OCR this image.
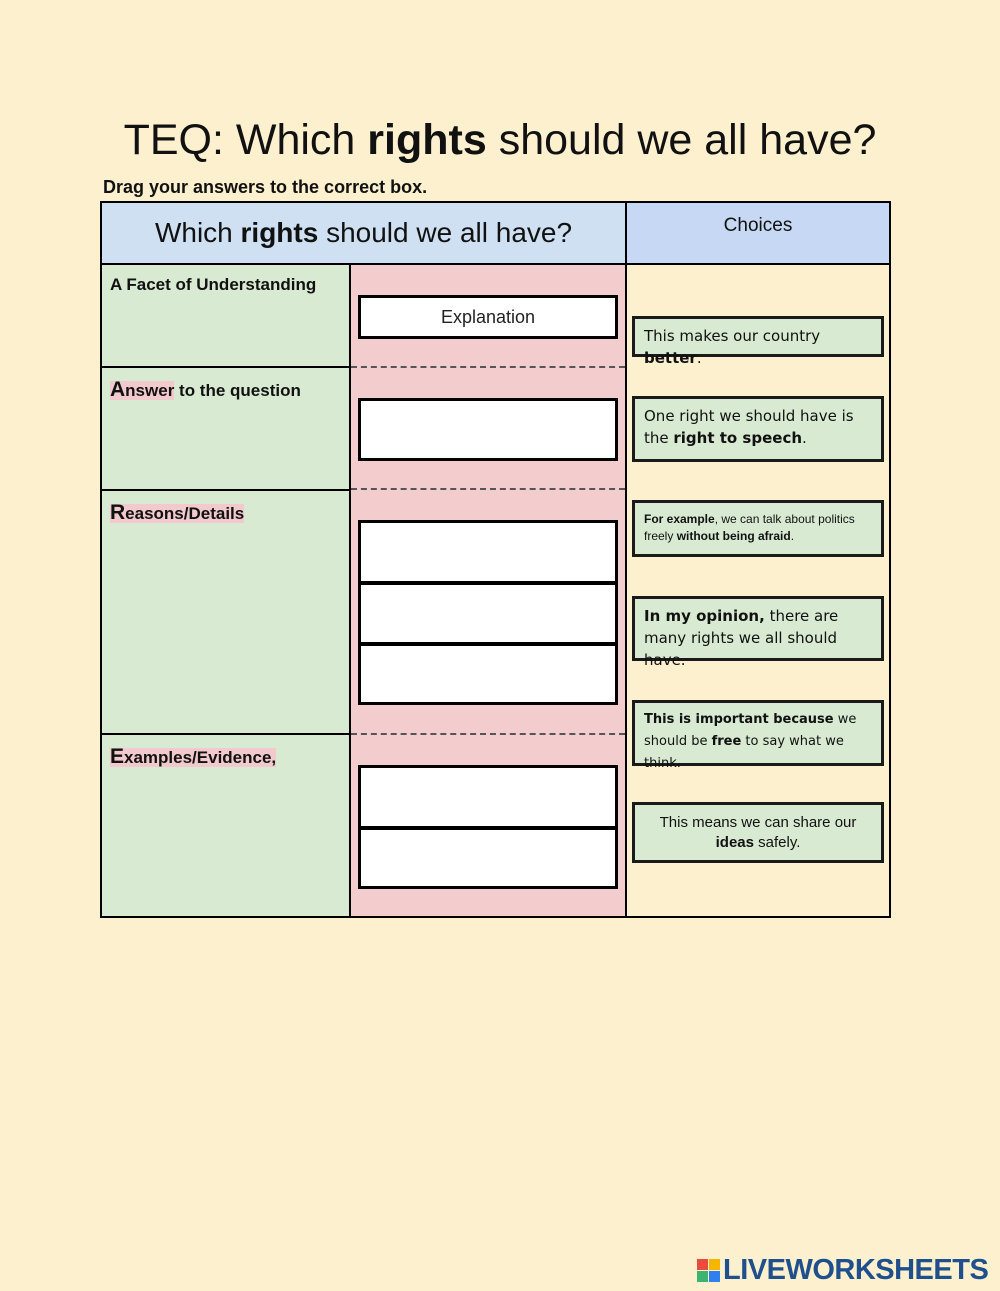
TEQ: Which rights should we all have?
Drag your answers to the correct box.
Which rights should we all have?	Choices
A Facet of Understanding
Answer to the question
Reasons/Details
Examples/Evidence,
Explanation
This makes our country better.
One right we should have is the right to speech.
For example, we can talk about politics freely without being afraid.
In my opinion, there are many rights we all should have.
This is important because we should be free to say what we think.
This means we can share our ideas safely.
LIVEWORKSHEETS
